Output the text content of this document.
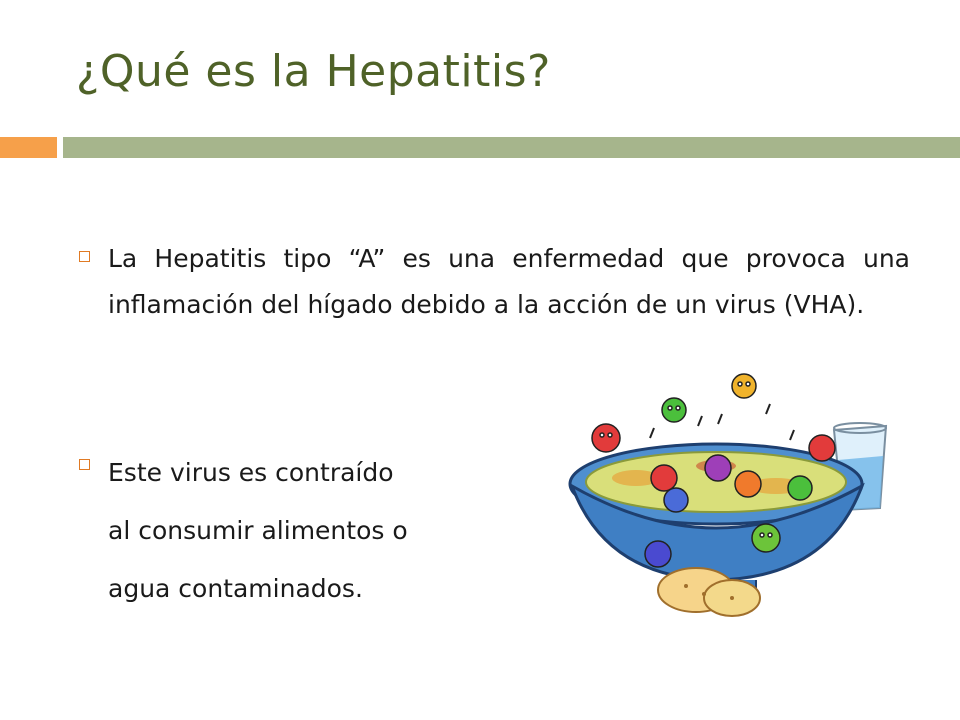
¿Qué es la Hepatitis?
La Hepatitis tipo “A” es una enfermedad que provoca una inflamación del hígado debido a la acción de un virus (VHA).
Este virus es contraído
al consumir alimentos o
agua contaminados.
